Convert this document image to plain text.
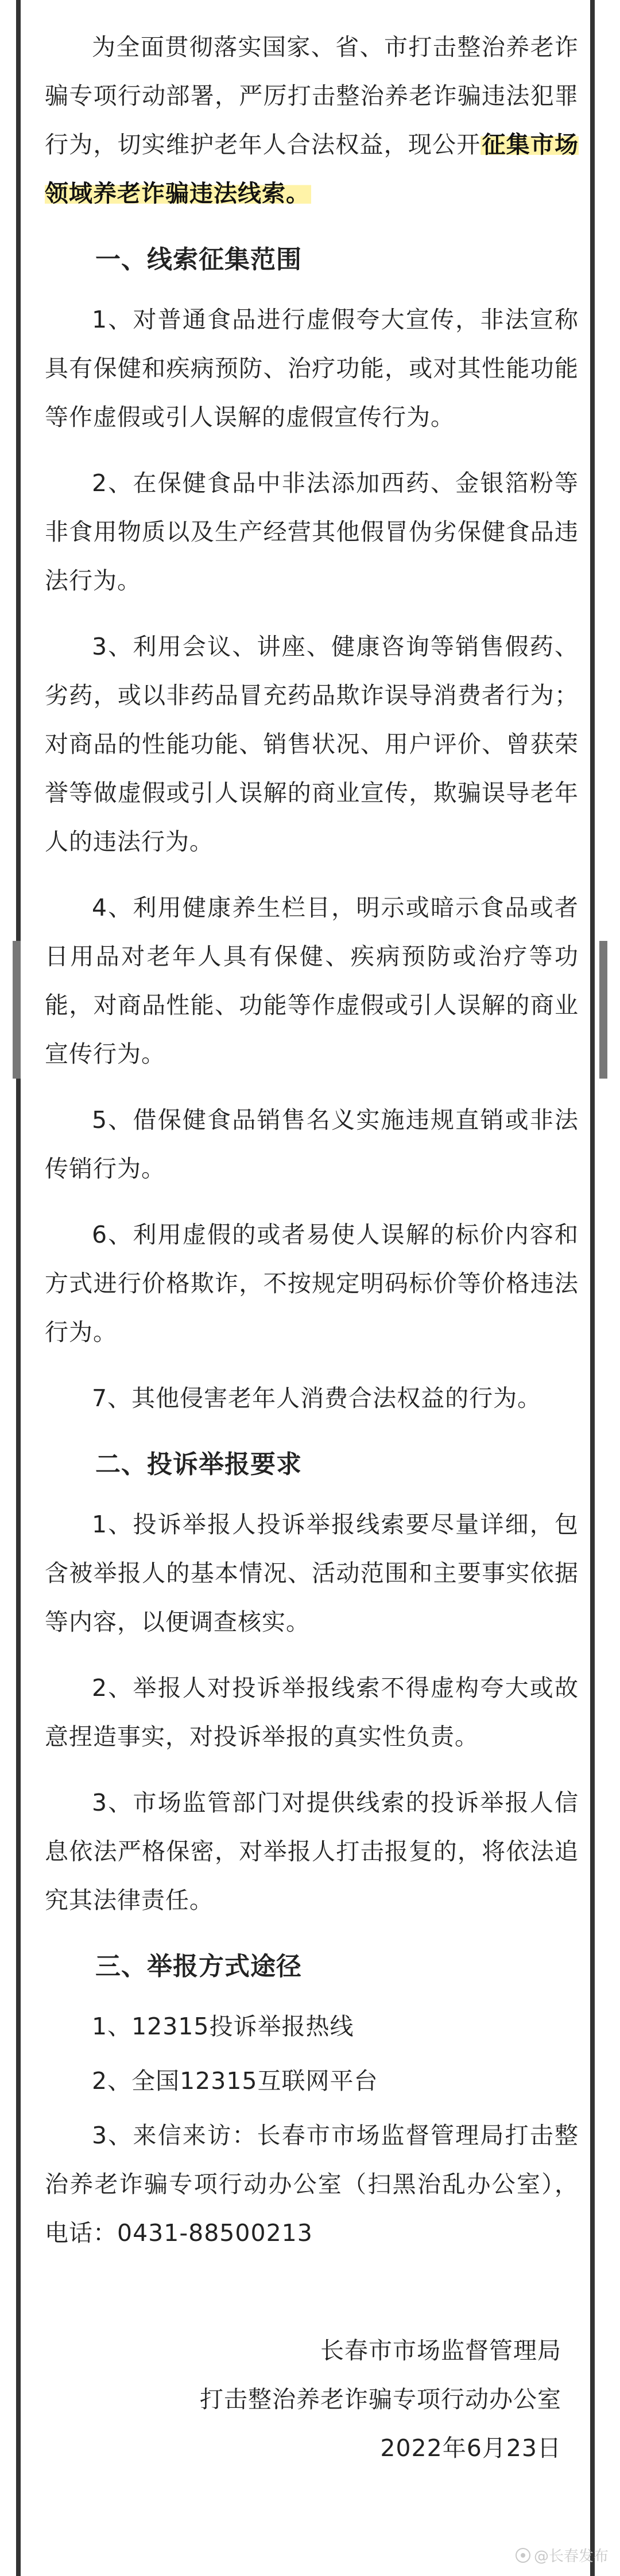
为全面贯彻落实国家、省、市打击整治养老诈骗专项行动部署，严厉打击整治养老诈骗违法犯罪行为，切实维护老年人合法权益，现公开征集市场领域养老诈骗违法线索。

一、线索征集范围

1、对普通食品进行虚假夸大宣传，非法宣称具有保健和疾病预防、治疗功能，或对其性能功能等作虚假或引人误解的虚假宣传行为。

2、在保健食品中非法添加西药、金银箔粉等非食用物质以及生产经营其他假冒伪劣保健食品违法行为。

3、利用会议、讲座、健康咨询等销售假药、劣药，或以非药品冒充药品欺诈误导消费者行为；对商品的性能功能、销售状况、用户评价、曾获荣誉等做虚假或引人误解的商业宣传，欺骗误导老年人的违法行为。

4、利用健康养生栏目，明示或暗示食品或者日用品对老年人具有保健、疾病预防或治疗等功能，对商品性能、功能等作虚假或引人误解的商业宣传行为。

5、借保健食品销售名义实施违规直销或非法传销行为。

6、利用虚假的或者易使人误解的标价内容和方式进行价格欺诈，不按规定明码标价等价格违法行为。

7、其他侵害老年人消费合法权益的行为。

二、投诉举报要求

1、投诉举报人投诉举报线索要尽量详细，包含被举报人的基本情况、活动范围和主要事实依据等内容，以便调查核实。

2、举报人对投诉举报线索不得虚构夸大或故意捏造事实，对投诉举报的真实性负责。

3、市场监管部门对提供线索的投诉举报人信息依法严格保密，对举报人打击报复的，将依法追究其法律责任。

三、举报方式途径

1、12315投诉举报热线

2、全国12315互联网平台

3、来信来访：长春市市场监督管理局打击整治养老诈骗专项行动办公室（扫黑治乱办公室），电话：0431-88500213

长春市市场监督管理局
打击整治养老诈骗专项行动办公室
2022年6月23日
@长春发布
